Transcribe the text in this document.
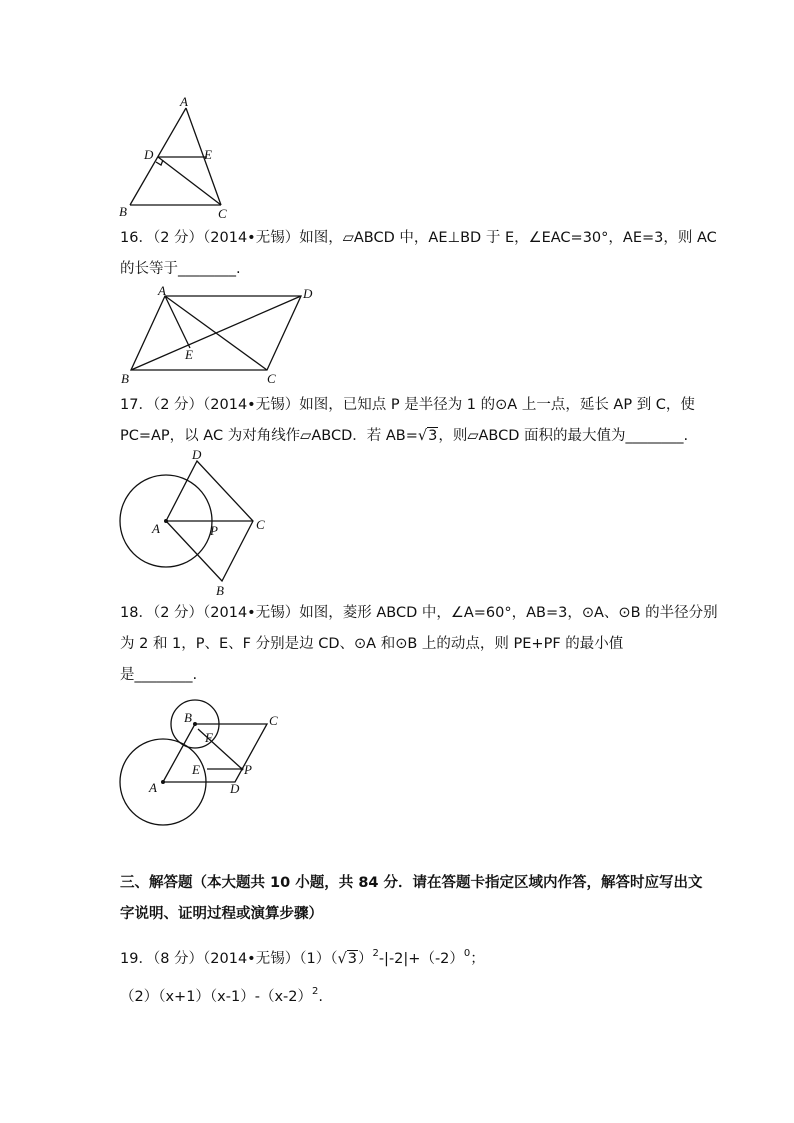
A
B	C
D	E
16．（2 分）（2014•无锡）如图，▱ABCD 中，AE⊥BD 于 E，∠EAC=30°，AE=3，则 AC
的长等于________.
A	D
E
B	C
17．（2 分）（2014•无锡）如图，已知点 P 是半径为 1 的⊙A 上一点，延长 AP 到 C，使
PC=AP，以 AC 为对角线作▱ABCD．若 AB=√3，则▱ABCD 面积的最大值为________.
D
A	P	C
B
18．（2 分）（2014•无锡）如图，菱形 ABCD 中，∠A=60°，AB=3，⊙A、⊙B 的半径分别
为 2 和 1，P、E、F 分别是边 CD、⊙A 和⊙B 上的动点，则 PE+PF 的最小值
是________.
B	C
F
E	P
A	D
三、解答题（本大题共 10 小题，共 84 分．请在答题卡指定区域内作答，解答时应写出文
字说明、证明过程或演算步骤）
19．（8 分）（2014•无锡）$(1)(√3)^2-|-2|+(-2)^0$；
$(2)(x+1)(x-1)-(x-2)^2$.
